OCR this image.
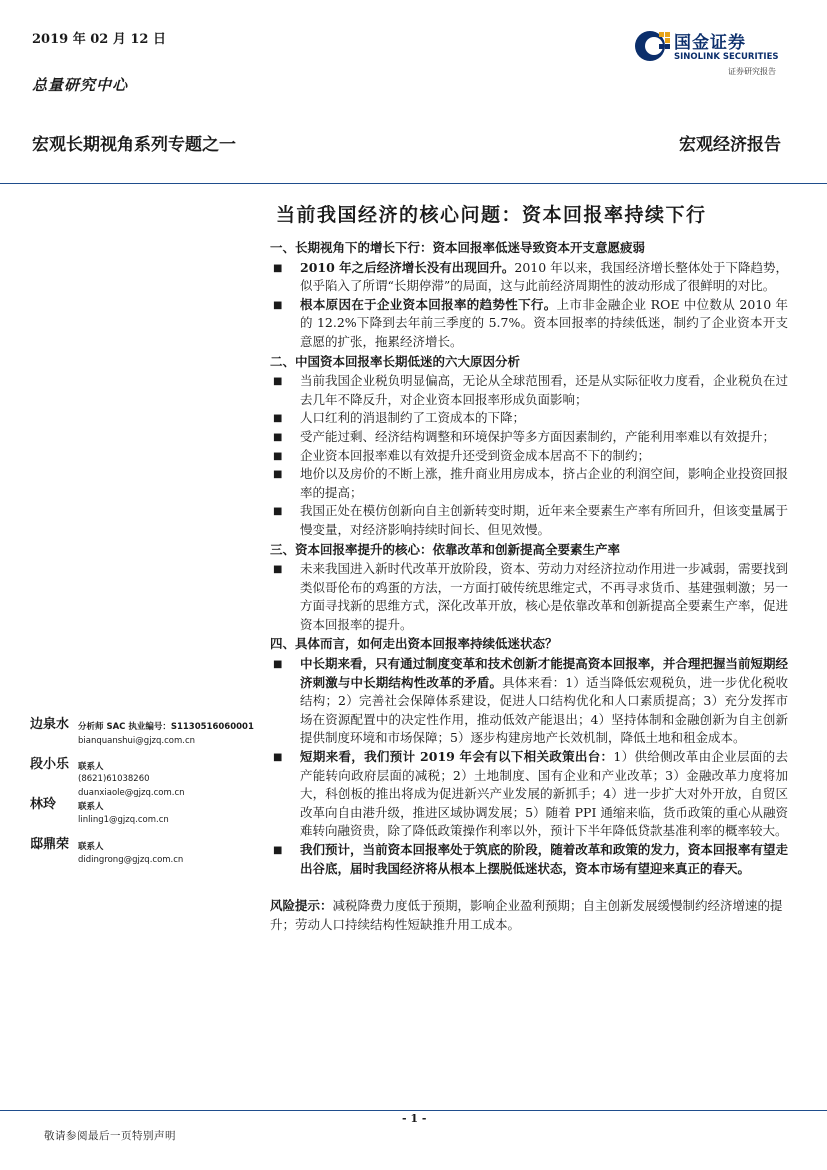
2019 年 02 月 12 日
总量研究中心
宏观长期视角系列专题之一	宏观经济报告
国金证券
SINOLINK SECURITIES
证券研究报告
当前我国经济的核心问题：资本回报率持续下行
一、长期视角下的增长下行：资本回报率低迷导致资本开支意愿疲弱
■ 2010 年之后经济增长没有出现回升。2010 年以来，我国经济增长整体处于下降趋势，似乎陷入了所谓“长期停滞”的局面，这与此前经济周期性的波动形成了很鲜明的对比。
■ 根本原因在于企业资本回报率的趋势性下行。上市非金融企业 ROE 中位数从 2010 年的 12.2%下降到去年前三季度的 5.7%。资本回报率的持续低迷，制约了企业资本开支意愿的扩张，拖累经济增长。
二、中国资本回报率长期低迷的六大原因分析
■ 当前我国企业税负明显偏高，无论从全球范围看，还是从实际征收力度看，企业税负在过去几年不降反升，对企业资本回报率形成负面影响；
■ 人口红利的消退制约了工资成本的下降；
■ 受产能过剩、经济结构调整和环境保护等多方面因素制约，产能利用率难以有效提升；
■ 企业资本回报率难以有效提升还受到资金成本居高不下的制约；
■ 地价以及房价的不断上涨，推升商业用房成本，挤占企业的利润空间，影响企业投资回报率的提高；
■ 我国正处在模仿创新向自主创新转变时期，近年来全要素生产率有所回升，但该变量属于慢变量，对经济影响持续时间长、但见效慢。
三、资本回报率提升的核心：依靠改革和创新提高全要素生产率
■ 未来我国进入新时代改革开放阶段，资本、劳动力对经济拉动作用进一步减弱，需要找到类似哥伦布的鸡蛋的方法，一方面打破传统思维定式，不再寻求货币、基建强刺激；另一方面寻找新的思维方式，深化改革开放，核心是依靠改革和创新提高全要素生产率，促进资本回报率的提升。
四、具体而言，如何走出资本回报率持续低迷状态？
■ 中长期来看，只有通过制度变革和技术创新才能提高资本回报率，并合理把握当前短期经济刺激与中长期结构性改革的矛盾。具体来看：1）适当降低宏观税负，进一步优化税收结构；2）完善社会保障体系建设，促进人口结构优化和人口素质提高；3）充分发挥市场在资源配置中的决定性作用，推动低效产能退出；4）坚持体制和金融创新为自主创新提供制度环境和市场保障；5）逐步构建房地产长效机制，降低土地和租金成本。
■ 短期来看，我们预计 2019 年会有以下相关政策出台：1）供给侧改革由企业层面的去产能转向政府层面的减税；2）土地制度、国有企业和产业改革；3）金融改革力度将加大，科创板的推出将成为促进新兴产业发展的新抓手；4）进一步扩大对外开放，自贸区改革向自由港升级，推进区域协调发展；5）随着 PPI 通缩来临，货币政策的重心从融资难转向融资贵，除了降低政策操作利率以外，预计下半年降低贷款基准利率的概率较大。
■ 我们预计，当前资本回报率处于筑底的阶段，随着改革和政策的发力，资本回报率有望走出谷底，届时我国经济将从根本上摆脱低迷状态，资本市场有望迎来真正的春天。
风险提示：减税降费力度低于预期，影响企业盈利预期；自主创新发展缓慢制约经济增速的提升；劳动人口持续结构性短缺推升用工成本。
边泉水	分析师 SAC 执业编号：S1130516060001
bianquanshui@gjzq.com.cn
段小乐	联系人
(8621)61038260
duanxiaole@gjzq.com.cn
林玲	联系人
linling1@gjzq.com.cn
邸鼎荣	联系人
didingrong@gjzq.com.cn
- 1 -
敬请参阅最后一页特别声明
